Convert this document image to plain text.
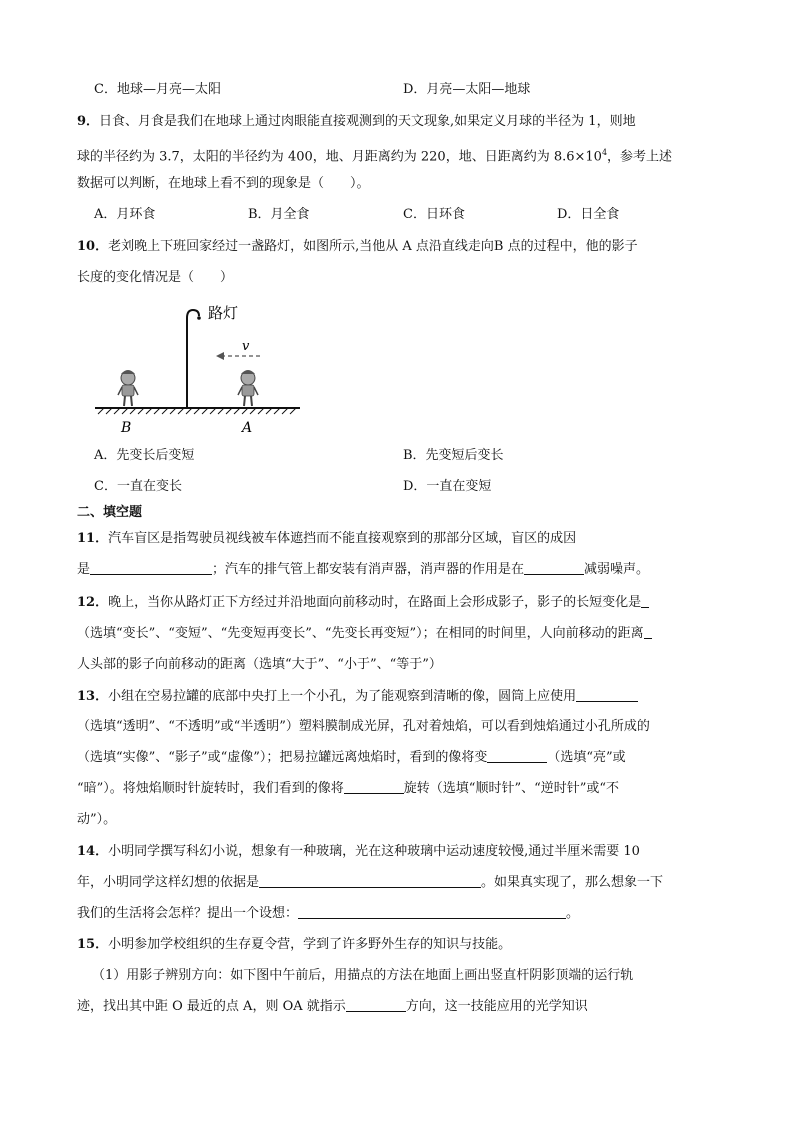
C．地球—月亮—太阳	D．月亮—太阳—地球
9．日食、月食是我们在地球上通过肉眼能直接观测到的天文现象,如果定义月球的半径为 1，则地
球的半径约为 3.7，太阳的半径约为 400，地、月距离约为 220，地、日距离约为 $8.6\times 10^4$，参考上述
数据可以判断，在地球上看不到的现象是（　　）。
A．月环食	B．月全食	C．日环食	D．日全食
10．老刘晚上下班回家经过一盏路灯，如图所示,当他从 A 点沿直线走向B 点的过程中，他的影子
长度的变化情况是（　　）
路灯
v
B	A
A．先变长后变短	B．先变短后变长
C．一直在变长	D．一直在变短
二、填空题
11．汽车盲区是指驾驶员视线被车体遮挡而不能直接观察到的那部分区域，盲区的成因
是	；汽车的排气管上都安装有消声器，消声器的作用是在	减弱噪声。
12．晚上，当你从路灯正下方经过并沿地面向前移动时，在路面上会形成影子，影子的长短变化是
（选填“变长”、“变短”、“先变短再变长”、“先变长再变短”）；在相同的时间里，人向前移动的距离
人头部的影子向前移动的距离（选填“大于”、“小于”、“等于”）
13．小组在空易拉罐的底部中央打上一个小孔，为了能观察到清晰的像，圆筒上应使用
（选填“透明”、“不透明”或“半透明”）塑料膜制成光屏，孔对着烛焰，可以看到烛焰通过小孔所成的
（选填“实像”、“影子”或“虚像”）；把易拉罐远离烛焰时，看到的像将变	（选填“亮”或
“暗”）。将烛焰顺时针旋转时，我们看到的像将	旋转（选填“顺时针”、“逆时针”或“不
动”）。
14．小明同学撰写科幻小说，想象有一种玻璃，光在这种玻璃中运动速度较慢,通过半厘米需要 10
年，小明同学这样幻想的依据是	。如果真实现了，那么想象一下
我们的生活将会怎样？提出一个设想：	。
15．小明参加学校组织的生存夏令营，学到了许多野外生存的知识与技能。
（1）用影子辨别方向：如下图中午前后，用描点的方法在地面上画出竖直杆阴影顶端的运行轨
迹，找出其中距 O 最近的点 A，则 OA 就指示	方向，这一技能应用的光学知识
